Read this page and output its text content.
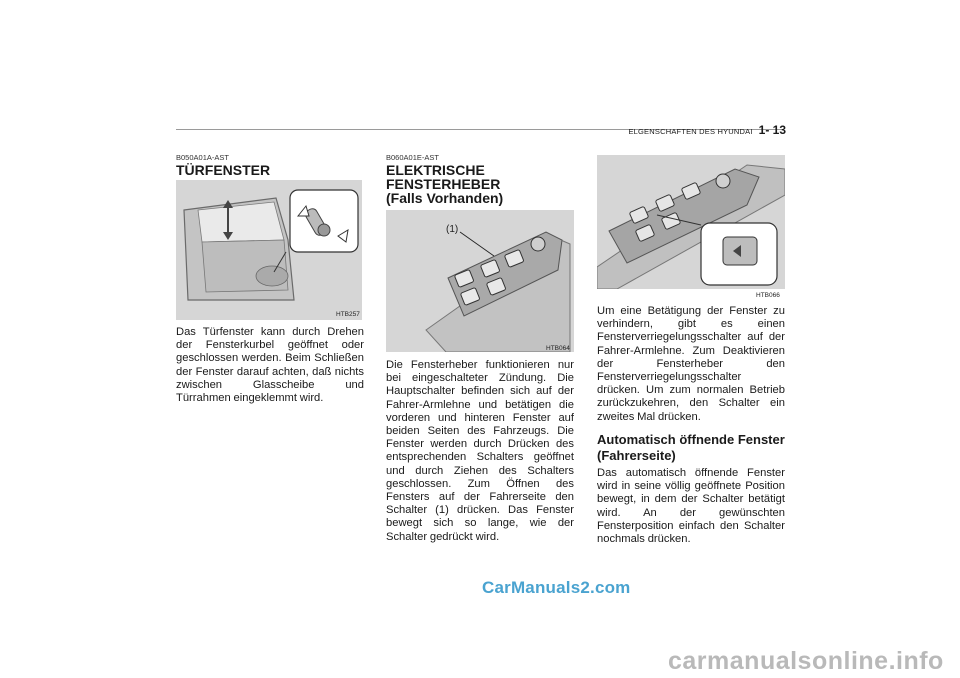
ELGENSCHAFTEN DES HYUNDAI 1- 13
B050A01A-AST
TÜRFENSTER
HTB257
Das Türfenster kann durch Drehen der Fensterkurbel geöffnet oder geschlossen werden. Beim Schließen der Fenster darauf achten, daß nichts zwischen Glasscheibe und Türrahmen eingeklemmt wird.
B060A01E-AST
ELEKTRISCHE
FENSTERHEBER
(Falls Vorhanden)
(1)
HTB064
Die Fensterheber funktionieren nur bei eingeschalteter Zündung. Die Hauptschalter befinden sich auf der Fahrer-Armlehne und betätigen die vorderen und hinteren Fenster auf beiden Seiten des Fahrzeugs. Die Fenster werden durch Drücken des entsprechenden Schalters geöffnet und durch Ziehen des Schalters geschlossen. Zum Öffnen des Fensters auf der Fahrerseite den Schalter (1) drücken. Das Fenster bewegt sich so lange, wie der Schalter gedrückt wird.
HTB066
Um eine Betätigung der Fenster zu verhindern, gibt es einen Fensterverriegelungsschalter auf der Fahrer-Armlehne. Zum Deaktivieren der Fensterheber den Fensterverriegelungsschalter drücken. Um zum normalen Betrieb zurückzukehren, den Schalter ein zweites Mal drücken.
Automatisch öffnende Fenster
(Fahrerseite)
Das automatisch öffnende Fenster wird in seine völlig geöffnete Position bewegt, in dem der Schalter betätigt wird. An der gewünschten Fensterposition einfach den Schalter nochmals drücken.
CarManuals2.com
carmanualsonline.info
